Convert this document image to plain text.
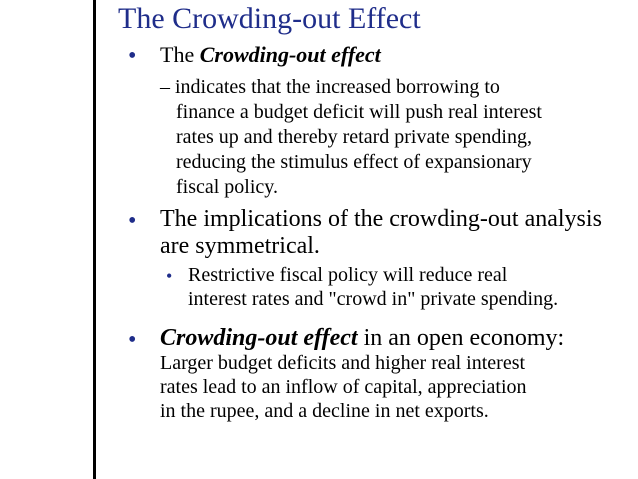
The Crowding-out Effect
• The Crowding-out effect
– indicates that the increased borrowing to
finance a budget deficit will push real interest
rates up and thereby retard private spending,
reducing the stimulus effect of expansionary
fiscal policy.
• The implications of the crowding-out analysis
are symmetrical.
• Restrictive fiscal policy will reduce real
interest rates and "crowd in" private spending.
• Crowding-out effect in an open economy:
Larger budget deficits and higher real interest
rates lead to an inflow of capital, appreciation
in the rupee, and a decline in net exports.
